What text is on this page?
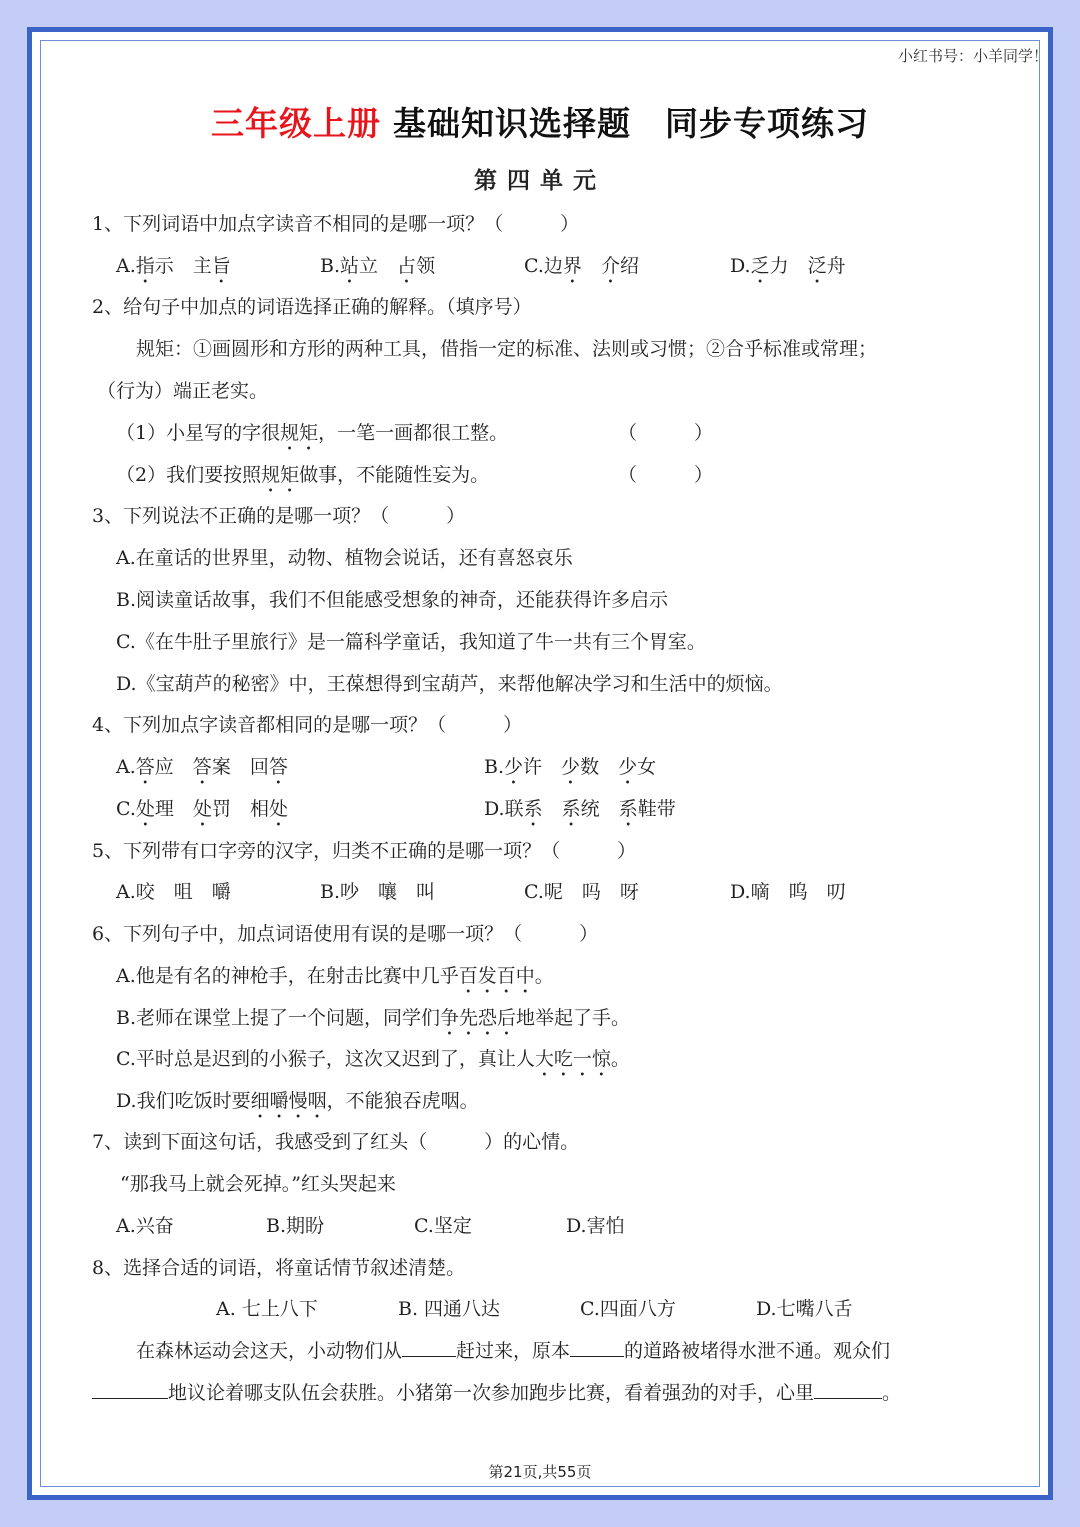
小红书号：小羊同学！
三年级上册 基础知识选择题 同步专项练习
第四单元
1、下列词语中加点字读音不相同的是哪一项？（　　　）
A.指示　主旨	B.站立　占领	C.边界　介绍	D.乏力　泛舟
2、给句子中加点的词语选择正确的解释。（填序号）
规矩：①画圆形和方形的两种工具，借指一定的标准、法则或习惯；②合乎标准或常理；
（行为）端正老实。
（1）小星写的字很规矩，一笔一画都很工整。	（　　　）
（2）我们要按照规矩做事，不能随性妄为。	（　　　）
3、下列说法不正确的是哪一项？（　　　）
A.在童话的世界里，动物、植物会说话，还有喜怒哀乐
B.阅读童话故事，我们不但能感受想象的神奇，还能获得许多启示
C.《在牛肚子里旅行》是一篇科学童话，我知道了牛一共有三个胃室。
D.《宝葫芦的秘密》中，王葆想得到宝葫芦，来帮他解决学习和生活中的烦恼。
4、下列加点字读音都相同的是哪一项？（　　　）
A.答应　答案　回答	B.少许　少数　少女
C.处理　处罚　相处	D.联系　 系统　系鞋带
5、下列带有口字旁的汉字，归类不正确的是哪一项？（　　　）
A.咬　咀　嚼	B.吵　嚷　叫	C.呢　吗　呀	D.嘀　呜　叨
6、下列句子中，加点词语使用有误的是哪一项？（　　　）
A.他是有名的神枪手，在射击比赛中几乎百发百中。
B.老师在课堂上提了一个问题，同学们争先恐后地举起了手。
C.平时总是迟到的小猴子，这次又迟到了，真让人大吃一惊。
D.我们吃饭时要细嚼慢咽，不能狼吞虎咽。
7、读到下面这句话，我感受到了红头（　　　）的心情。
“那我马上就会死掉。”红头哭起来
A.兴奋	B.期盼	C.坚定	D.害怕
8、选择合适的词语，将童话情节叙述清楚。
A. 七上八下	B. 四通八达	C.四面八方	D.七嘴八舌
在森林运动会这天，小动物们从	赶过来，原本	的道路被堵得水泄不通。观众们
地议论着哪支队伍会获胜。小猪第一次参加跑步比赛，看着强劲的对手，心里	。
第21页,共55页
